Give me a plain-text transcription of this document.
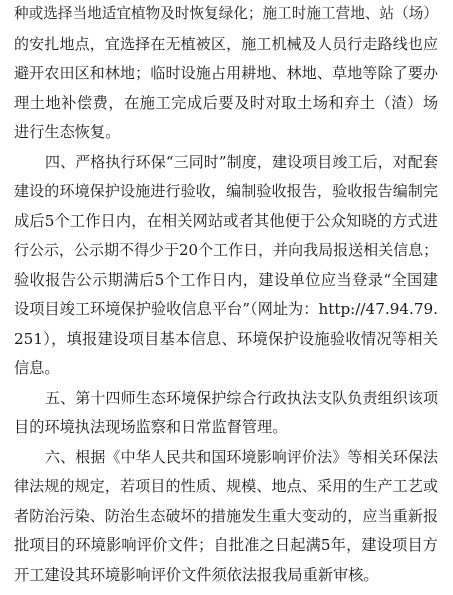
种或选择当地适宜植物及时恢复绿化；施工时施工营地、站（场）
的安扎地点，宜选择在无植被区，施工机械及人员行走路线也应
避开农田区和林地；临时设施占用耕地、林地、草地等除了要办
理土地补偿费，在施工完成后要及时对取土场和弃土（渣）场
进行生态恢复。
四、严格执行环保“三同时”制度，建设项目竣工后，对配套
建设的环境保护设施进行验收，编制验收报告，验收报告编制完
成后5个工作日内，在相关网站或者其他便于公众知晓的方式进
行公示，公示期不得少于20个工作日，并向我局报送相关信息；
验收报告公示期满后5个工作日内，建设单位应当登录“全国建
设项目竣工环境保护验收信息平台”（网址为：http://47.94.79.
251），填报建设项目基本信息、环境保护设施验收情况等相关
信息。
五、第十四师生态环境保护综合行政执法支队负责组织该项
目的环境执法现场监察和日常监督管理。
六、根据《中华人民共和国环境影响评价法》等相关环保法
律法规的规定，若项目的性质、规模、地点、采用的生产工艺或
者防治污染、防治生态破坏的措施发生重大变动的，应当重新报
批项目的环境影响评价文件；自批准之日起满5年，建设项目方
开工建设其环境影响评价文件须依法报我局重新审核。
